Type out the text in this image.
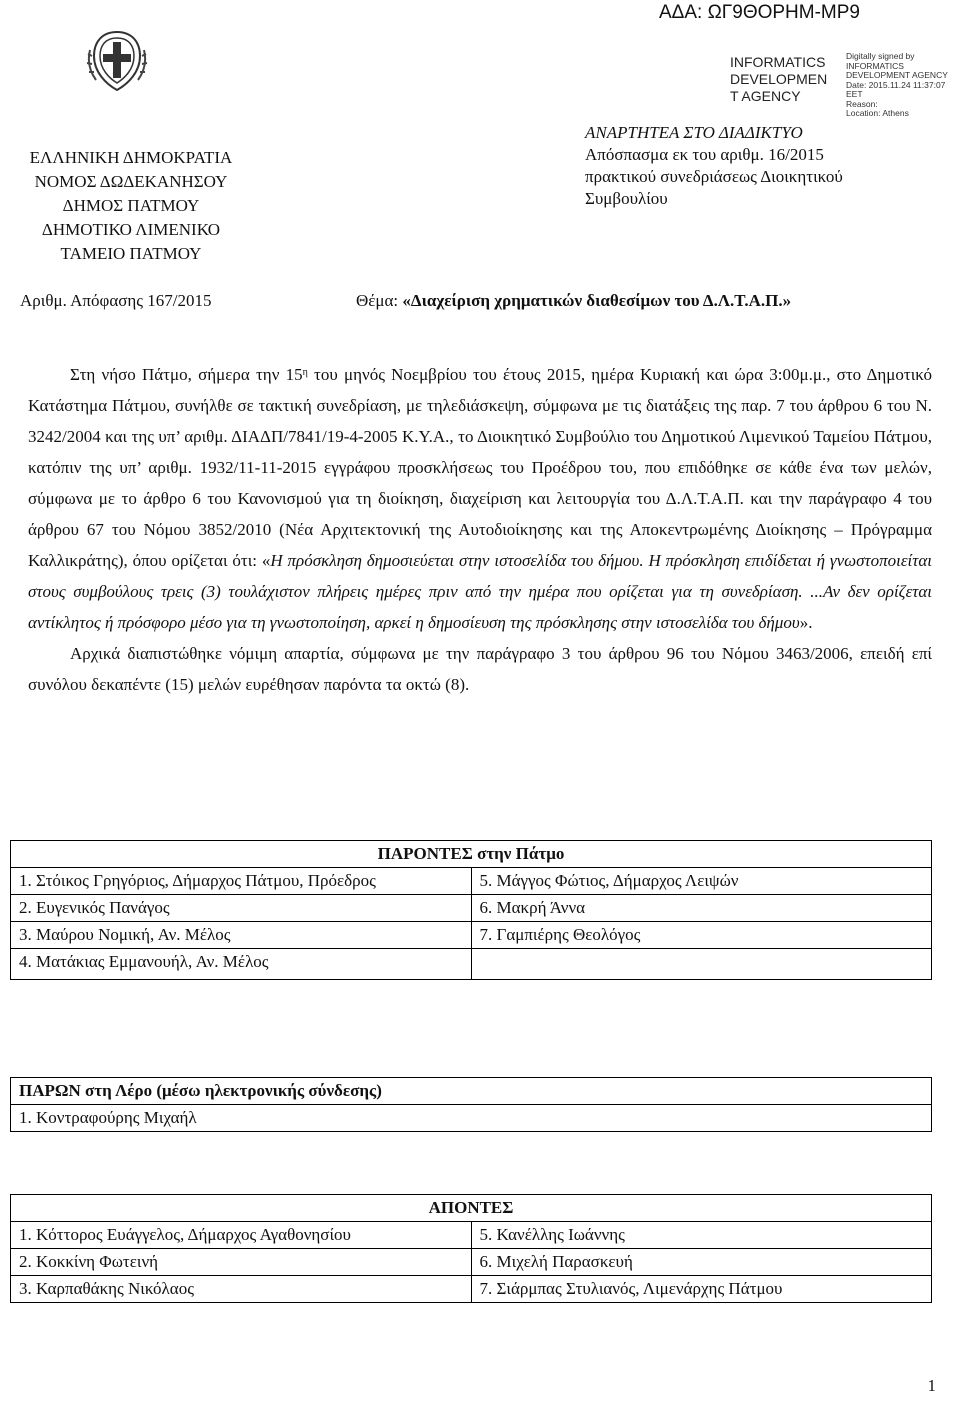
ΑΔΑ: ΩΓ9ΘΟΡΗΜ-ΜΡ9
INFORMATICS
DEVELOPMEN
T AGENCY
Digitally signed by
INFORMATICS
DEVELOPMENT AGENCY
Date: 2015.11.24 11:37:07
EET
Reason:
Location: Athens
ΑΝΑΡΤΗΤΕΑ ΣΤΟ ΔΙΑΔΙΚΤΥΟ
Απόσπασμα εκ του αριθμ. 16/2015
πρακτικού συνεδριάσεως Διοικητικού
Συμβουλίου
ΕΛΛΗΝΙΚΗ ΔΗΜΟΚΡΑΤΙΑ
ΝΟΜΟΣ ΔΩΔΕΚΑΝΗΣΟΥ
ΔΗΜΟΣ ΠΑΤΜΟΥ
ΔΗΜΟΤΙΚΟ ΛΙΜΕΝΙΚΟ
ΤΑΜΕΙΟ ΠΑΤΜΟΥ
Αριθμ. Απόφασης 167/2015	Θέμα: «Διαχείριση χρηματικών διαθεσίμων του Δ.Λ.Τ.Α.Π.»

Στη νήσο Πάτμο, σήμερα την $15^\eta$ του μηνός Νοεμβρίου του έτους 2015, ημέρα Κυριακή και ώρα 3:00μ.μ., στο Δημοτικό Κατάστημα Πάτμου, συνήλθε σε τακτική συνεδρίαση, με τηλεδιάσκεψη, σύμφωνα με τις διατάξεις της παρ. 7 του άρθρου 6 του Ν. 3242/2004 και της υπ’ αριθμ. ΔΙΑΔΠ/7841/19-4-2005 Κ.Υ.Α., το Διοικητικό Συμβούλιο του Δημοτικού Λιμενικού Ταμείου Πάτμου, κατόπιν της υπ’ αριθμ. 1932/11-11-2015 εγγράφου προσκλήσεως του Προέδρου του, που επιδόθηκε σε κάθε ένα των μελών, σύμφωνα με το άρθρο 6 του Κανονισμού για τη διοίκηση, διαχείριση και λειτουργία του Δ.Λ.Τ.Α.Π. και την παράγραφο 4 του άρθρου 67 του Νόμου 3852/2010 (Νέα Αρχιτεκτονική της Αυτοδιοίκησης και της Αποκεντρωμένης Διοίκησης – Πρόγραμμα Καλλικράτης), όπου ορίζεται ότι: «Η πρόσκληση δημοσιεύεται στην ιστοσελίδα του δήμου. Η πρόσκληση επιδίδεται ή γνωστοποιείται στους συμβούλους τρεις (3) τουλάχιστον πλήρεις ημέρες πριν από την ημέρα που ορίζεται για τη συνεδρίαση. ...Αν δεν ορίζεται αντίκλητος ή πρόσφορο μέσο για τη γνωστοποίηση, αρκεί η δημοσίευση της πρόσκλησης στην ιστοσελίδα του δήμου».

Αρχικά διαπιστώθηκε νόμιμη απαρτία, σύμφωνα με την παράγραφο 3 του άρθρου 96 του Νόμου 3463/2006, επειδή επί συνόλου δεκαπέντε (15) μελών ευρέθησαν παρόντα τα οκτώ (8).

ΠΑΡΟΝΤΕΣ στην Πάτμο	
1. Στόικος Γρηγόριος, Δήμαρχος Πάτμου, Πρόεδρος	5. Μάγγος Φώτιος, Δήμαρχος Λειψών
2. Ευγενικός Πανάγος	6. Μακρή Άννα
3. Μαύρου Νομική, Αν. Μέλος	7. Γαμπιέρης Θεολόγος
4. Ματάκιας Εμμανουήλ, Αν. Μέλος	
ΠΑΡΩΝ στη Λέρο (μέσω ηλεκτρονικής σύνδεσης)
1. Κοντραφούρης Μιχαήλ
ΑΠΟΝΤΕΣ	
1. Κόττορος Ευάγγελος, Δήμαρχος Αγαθονησίου	5. Κανέλλης Ιωάννης
2. Κοκκίνη Φωτεινή	6. Μιχελή Παρασκευή
3. Καρπαθάκης Νικόλαος	7. Σιάρμπας Στυλιανός, Λιμενάρχης Πάτμου
1
